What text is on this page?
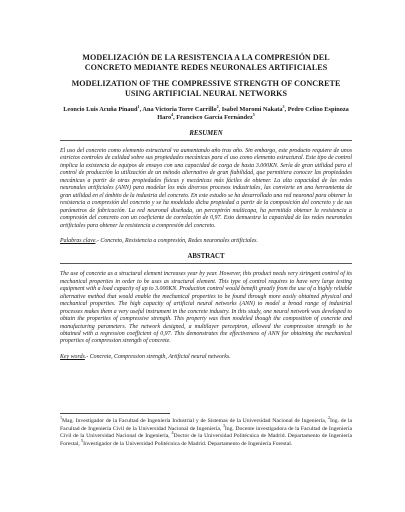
MODELIZACIÓN DE LA RESISTENCIA A LA COMPRESIÓN DEL CONCRETO MEDIANTE REDES NEURONALES ARTIFICIALES
MODELIZATION OF THE COMPRESSIVE STRENGTH OF CONCRETE USING ARTIFICIAL NEURAL NETWORKS

Leoncio Luis Acuña Pinaud$^1$, Ana Victoria Torre Carrillo$^2$, Isabel Moromi Nakata$^3$, Pedro Celino Espinoza Haro$^4$, Francisco García Fernández$^5$

RESUMEN

El uso del concreto como elemento estructural va aumentando año tras año. Sin embargo, este producto requiere de unos estrictos controles de calidad sobre sus propiedades mecánicas para el uso como elemento estructural. Este tipo de control implica la existencia de equipos de ensayo con una capacidad de carga de hasta 3.000KN. Sería de gran utilidad para el control de producción la utilización de un método alternativo de gran fiabilidad, que permitiera conocer las propiedades mecánicas a partir de otras propiedades físicas y mecánicas más fáciles de obtener. La alta capacidad de las redes neuronales artificiales (ANN) para modelar los más diversos procesos industriales, las convierte en una herramienta de gran utilidad en el ámbito de la industria del concreto. En este estudio se ha desarrollado una red neuronal para obtener la resistencia a compresión del concreto y se ha modelado dicha propiedad a partir de la composición del concreto y de sus parámetros de fabricación. La red neuronal diseñada, un perceptrón multicapa, ha permitido obtener la resistencia a compresión del concreto con un coeficiente de correlación de 0,97. Esto demuestra la capacidad de las redes neuronales artificiales para obtener la resistencia a compresión del concreto.

Palabras clave.- Concreto, Resistencia a compresión, Redes neuronales artificiales.

ABSTRACT

The use of concrete as a structural element increases year by year. However, this product needs very stringent control of its mechanical properties in order to be uses as structural element. This type of control requires to have very large testing equipment with a load capacity of up to 3.000KN. Production control would benefit greatly from the use of a highly reliable alternative method that would enable the mechanical properties to be found through more easily obtained physical and mechanical properties. The high capacity of artificial neural networks (ANN) to model a broad range of industrial processes makes them a very useful instrument in the concrete industry. In this study, one neural network was developed to obtain the properties of compressive strength. This property was then modeled though the composition of concrete and manufacturing parameters. The network designed, a multilayer perceptron, allowed the compression strength to be obtained with a regression coefficient of 0,97. This demonstrates the effectiveness of ANN for obtaining the mechanical properties of compression strength of concrete.

Key words.- Concrete, Compression strength, Artificial neural networks.

$^1$Mag. Investigador de la Facultad de Ingeniería Industrial y de Sistemas de la Universidad Nacional de Ingeniería, $^2$Ing. de la Facultad de Ingeniería Civil de la Universidad Nacional de Ingeniería, $^3$Ing. Docente investigadora de la Facultad de Ingeniería Civil de la Universidad Nacional de Ingeniería, $^4$Doctor de la Universidad Politécnica de Madrid. Departamento de Ingeniería Forestal, $^5$Investigador de la Universidad Politécnica de Madrid. Departamento de Ingeniería Forestal.
